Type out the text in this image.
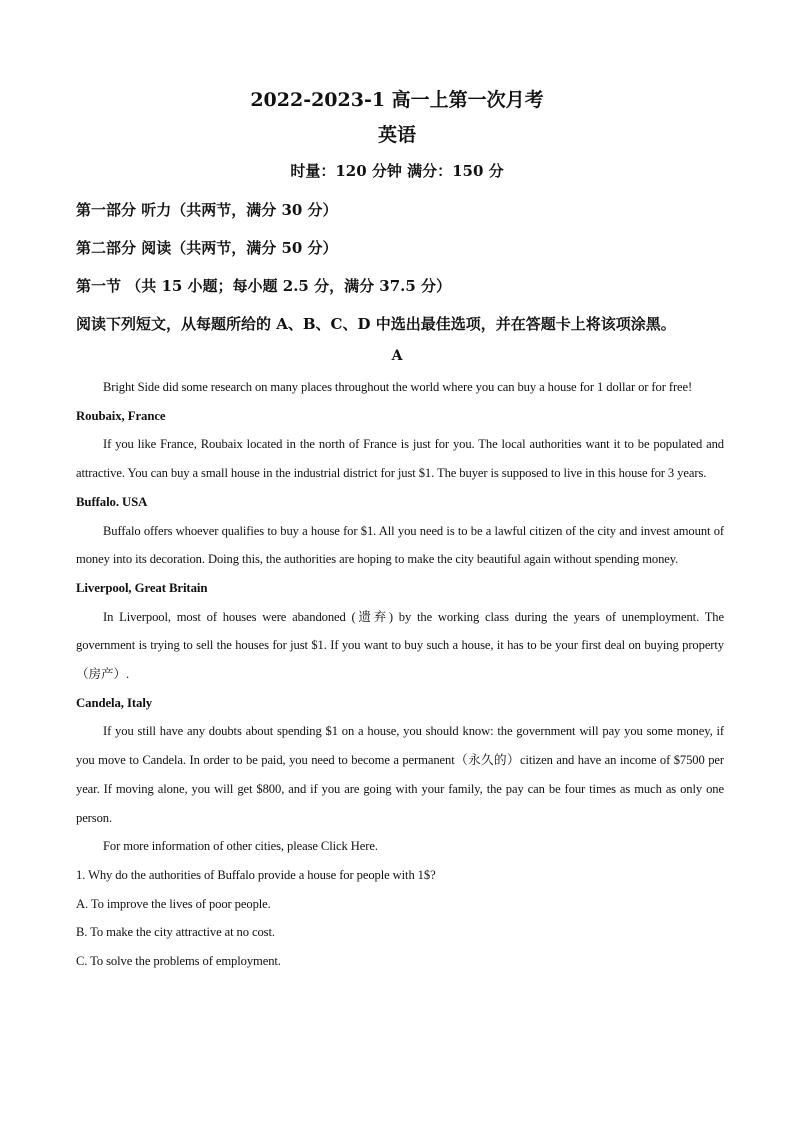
2022-2023-1 高一上第一次月考
英语
时量：120 分钟 满分：150 分
第一部分 听力（共两节，满分 30 分）
第二部分 阅读（共两节，满分 50 分）
第一节 （共 15 小题；每小题 2.5 分，满分 37.5 分）
阅读下列短文，从每题所给的 A、B、C、D 中选出最佳选项，并在答题卡上将该项涂黑。
A

Bright Side did some research on many places throughout the world where you can buy a house for 1 dollar or for free!

Roubaix, France

If you like France, Roubaix located in the north of France is just for you. The local authorities want it to be populated and attractive. You can buy a small house in the industrial district for just $1. The buyer is supposed to live in this house for 3 years.

Buffalo. USA

Buffalo offers whoever qualifies to buy a house for $1. All you need is to be a lawful citizen of the city and invest amount of money into its decoration. Doing this, the authorities are hoping to make the city beautiful again without spending money.

Liverpool, Great Britain

In Liverpool, most of houses were abandoned (遗弃) by the working class during the years of unemployment. The government is trying to sell the houses for just $1. If you want to buy such a house, it has to be your first deal on buying property（房产）.

Candela, Italy

If you still have any doubts about spending $1 on a house, you should know: the government will pay you some money, if you move to Candela. In order to be paid, you need to become a permanent（永久的）citizen and have an income of $7500 per year. If moving alone, you will get $800, and if you are going with your family, the pay can be four times as much as only one person.

For more information of other cities, please Click Here.

1. Why do the authorities of Buffalo provide a house for people with 1$?

A. To improve the lives of poor people.

B. To make the city attractive at no cost.

C. To solve the problems of employment.
